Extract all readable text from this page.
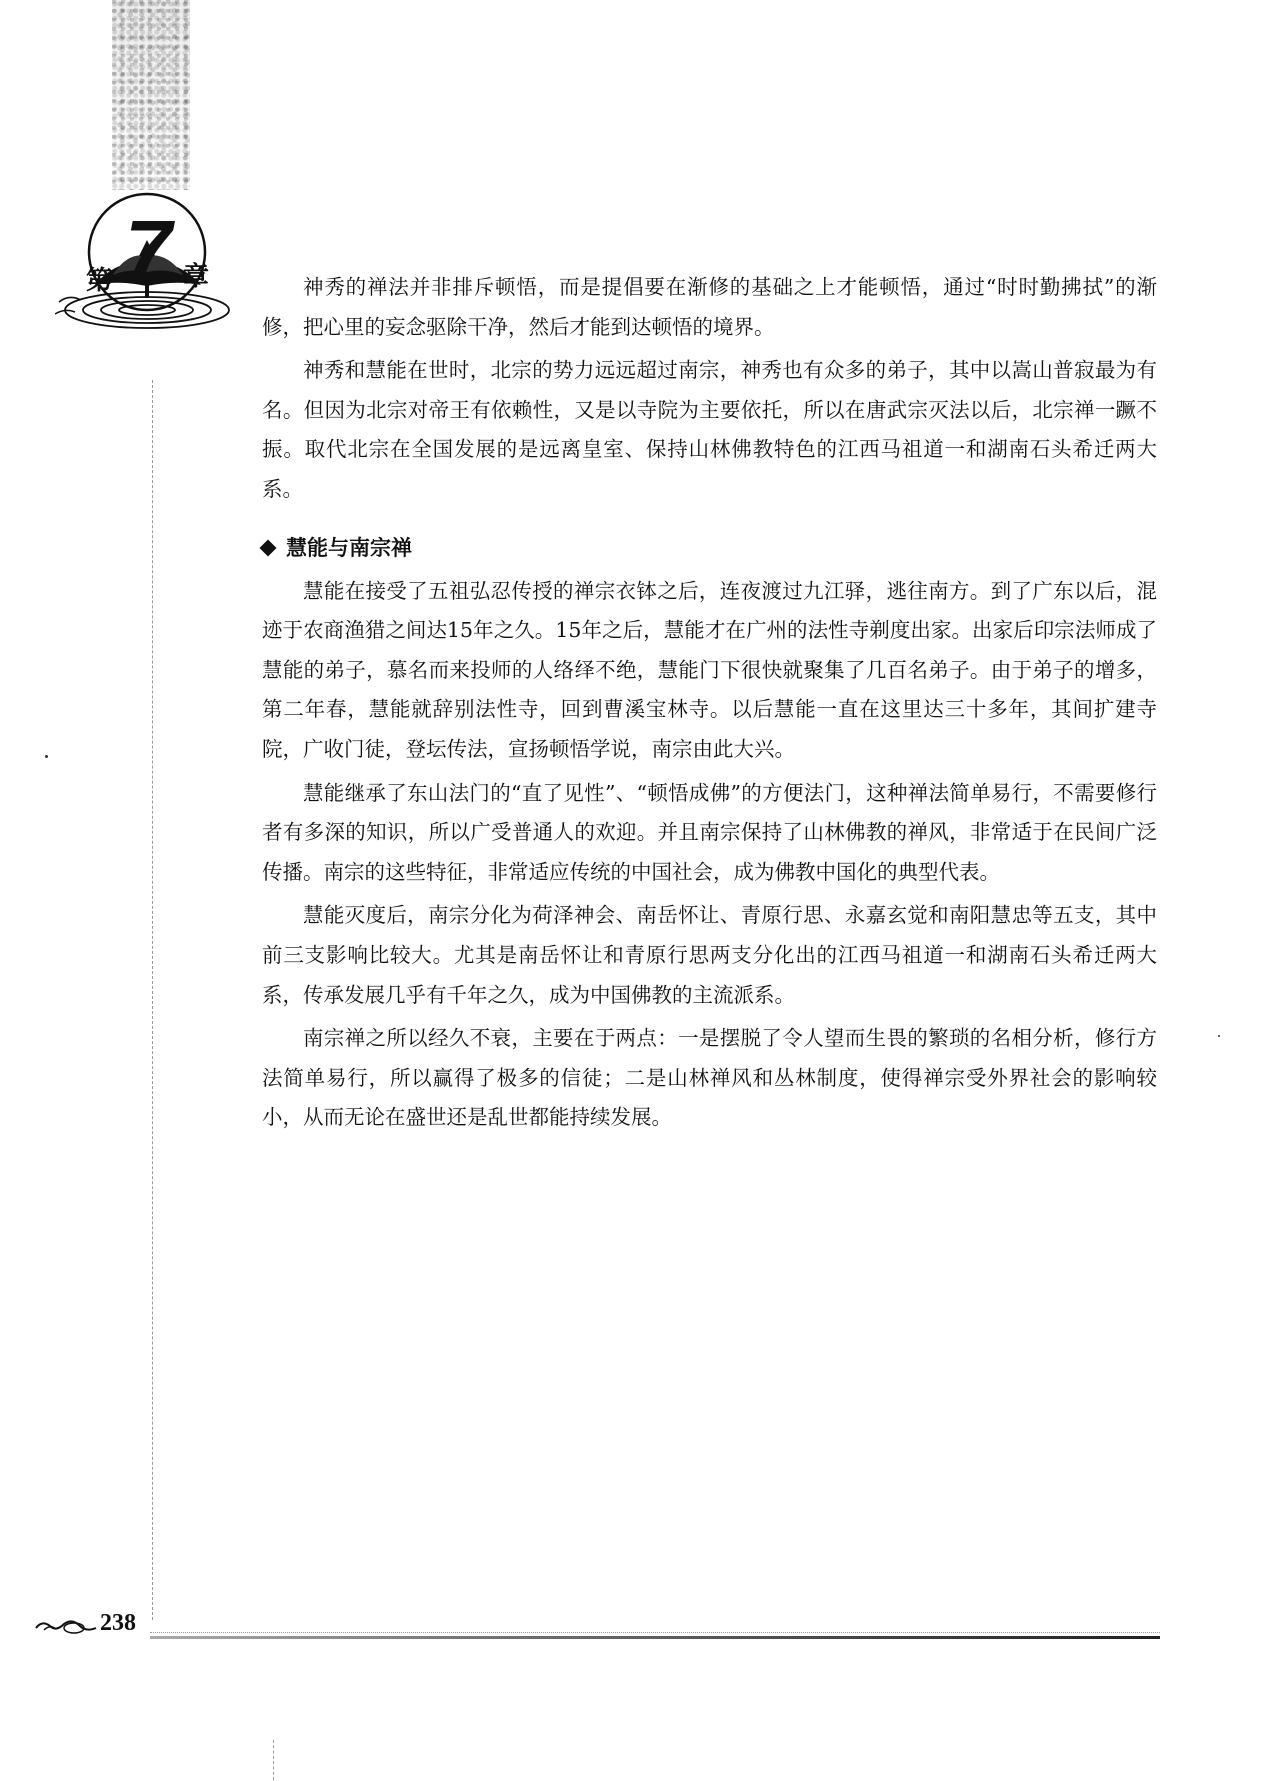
第 7 章	神秀的禅法并非排斥顿悟，而是提倡要在渐修的基础之上才能顿悟，通过“时时勤拂拭”的渐修，把心里的妄念驱除干净，然后才能到达顿悟的境界。

神秀和慧能在世时，北宗的势力远远超过南宗，神秀也有众多的弟子，其中以嵩山普寂最为有名。但因为北宗对帝王有依赖性，又是以寺院为主要依托，所以在唐武宗灭法以后，北宗禅一蹶不振。取代北宗在全国发展的是远离皇室、保持山林佛教特色的江西马祖道一和湖南石头希迁两大系。

慧能与南宗禅

慧能在接受了五祖弘忍传授的禅宗衣钵之后，连夜渡过九江驿，逃往南方。到了广东以后，混迹于农商渔猎之间达15年之久。15年之后，慧能才在广州的法性寺剃度出家。出家后印宗法师成了慧能的弟子，慕名而来投师的人络绎不绝，慧能门下很快就聚集了几百名弟子。由于弟子的增多，第二年春，慧能就辞别法性寺，回到曹溪宝林寺。以后慧能一直在这里达三十多年，其间扩建寺院，广收门徒，登坛传法，宣扬顿悟学说，南宗由此大兴。

慧能继承了东山法门的“直了见性”、“顿悟成佛”的方便法门，这种禅法简单易行，不需要修行者有多深的知识，所以广受普通人的欢迎。并且南宗保持了山林佛教的禅风，非常适于在民间广泛传播。南宗的这些特征，非常适应传统的中国社会，成为佛教中国化的典型代表。

慧能灭度后，南宗分化为荷泽神会、南岳怀让、青原行思、永嘉玄觉和南阳慧忠等五支，其中前三支影响比较大。尤其是南岳怀让和青原行思两支分化出的江西马祖道一和湖南石头希迁两大系，传承发展几乎有千年之久，成为中国佛教的主流派系。

南宗禅之所以经久不衰，主要在于两点：一是摆脱了令人望而生畏的繁琐的名相分析，修行方法简单易行，所以赢得了极多的信徒；二是山林禅风和丛林制度，使得禅宗受外界社会的影响较小，从而无论在盛世还是乱世都能持续发展。

238
